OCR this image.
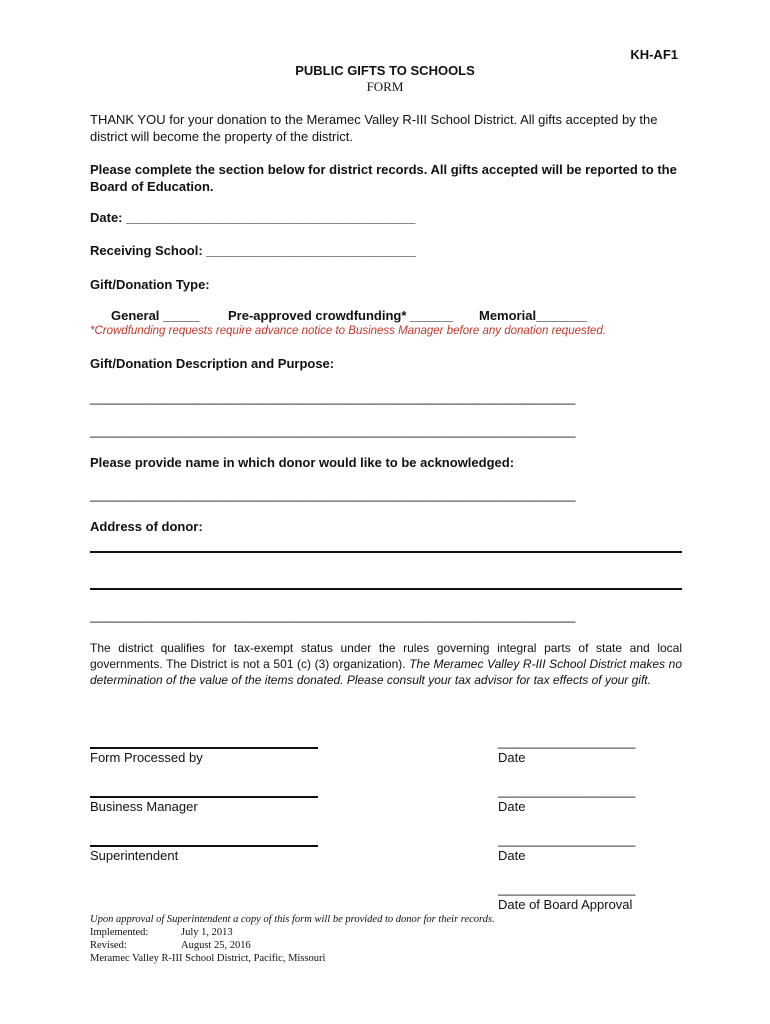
KH-AF1
PUBLIC GIFTS TO SCHOOLS
FORM
THANK YOU for your donation to the Meramec Valley R-III School District. All gifts accepted by the district will become the property of the district.
Please complete the section below for district records. All gifts accepted will be reported to the Board of Education.
Date: ________________________________________
Receiving School: _____________________________
Gift/Donation Type:
General _____ Pre-approved crowdfunding* ______ Memorial_______
*Crowdfunding requests require advance notice to Business Manager before any donation requested.
Gift/Donation Description and Purpose:
_______________________________________________________________________
_______________________________________________________________________
Please provide name in which donor would like to be acknowledged:
_______________________________________________________________________
Address of donor:
_______________________________________________________________________
The district qualifies for tax-exempt status under the rules governing integral parts of state and local governments. The District is not a 501 (c) (3) organization). The Meramec Valley R-III School District makes no determination of the value of the items donated. Please consult your tax advisor for tax effects of your gift.
Form Processed by
___________________
Date
Business Manager
___________________
Date
Superintendent
___________________
Date
___________________
Date of Board Approval
Upon approval of Superintendent a copy of this form will be provided to donor for their records.
Implemented:	July 1, 2013
Revised:	August 25, 2016
Meramec Valley R-III School District, Pacific, Missouri
